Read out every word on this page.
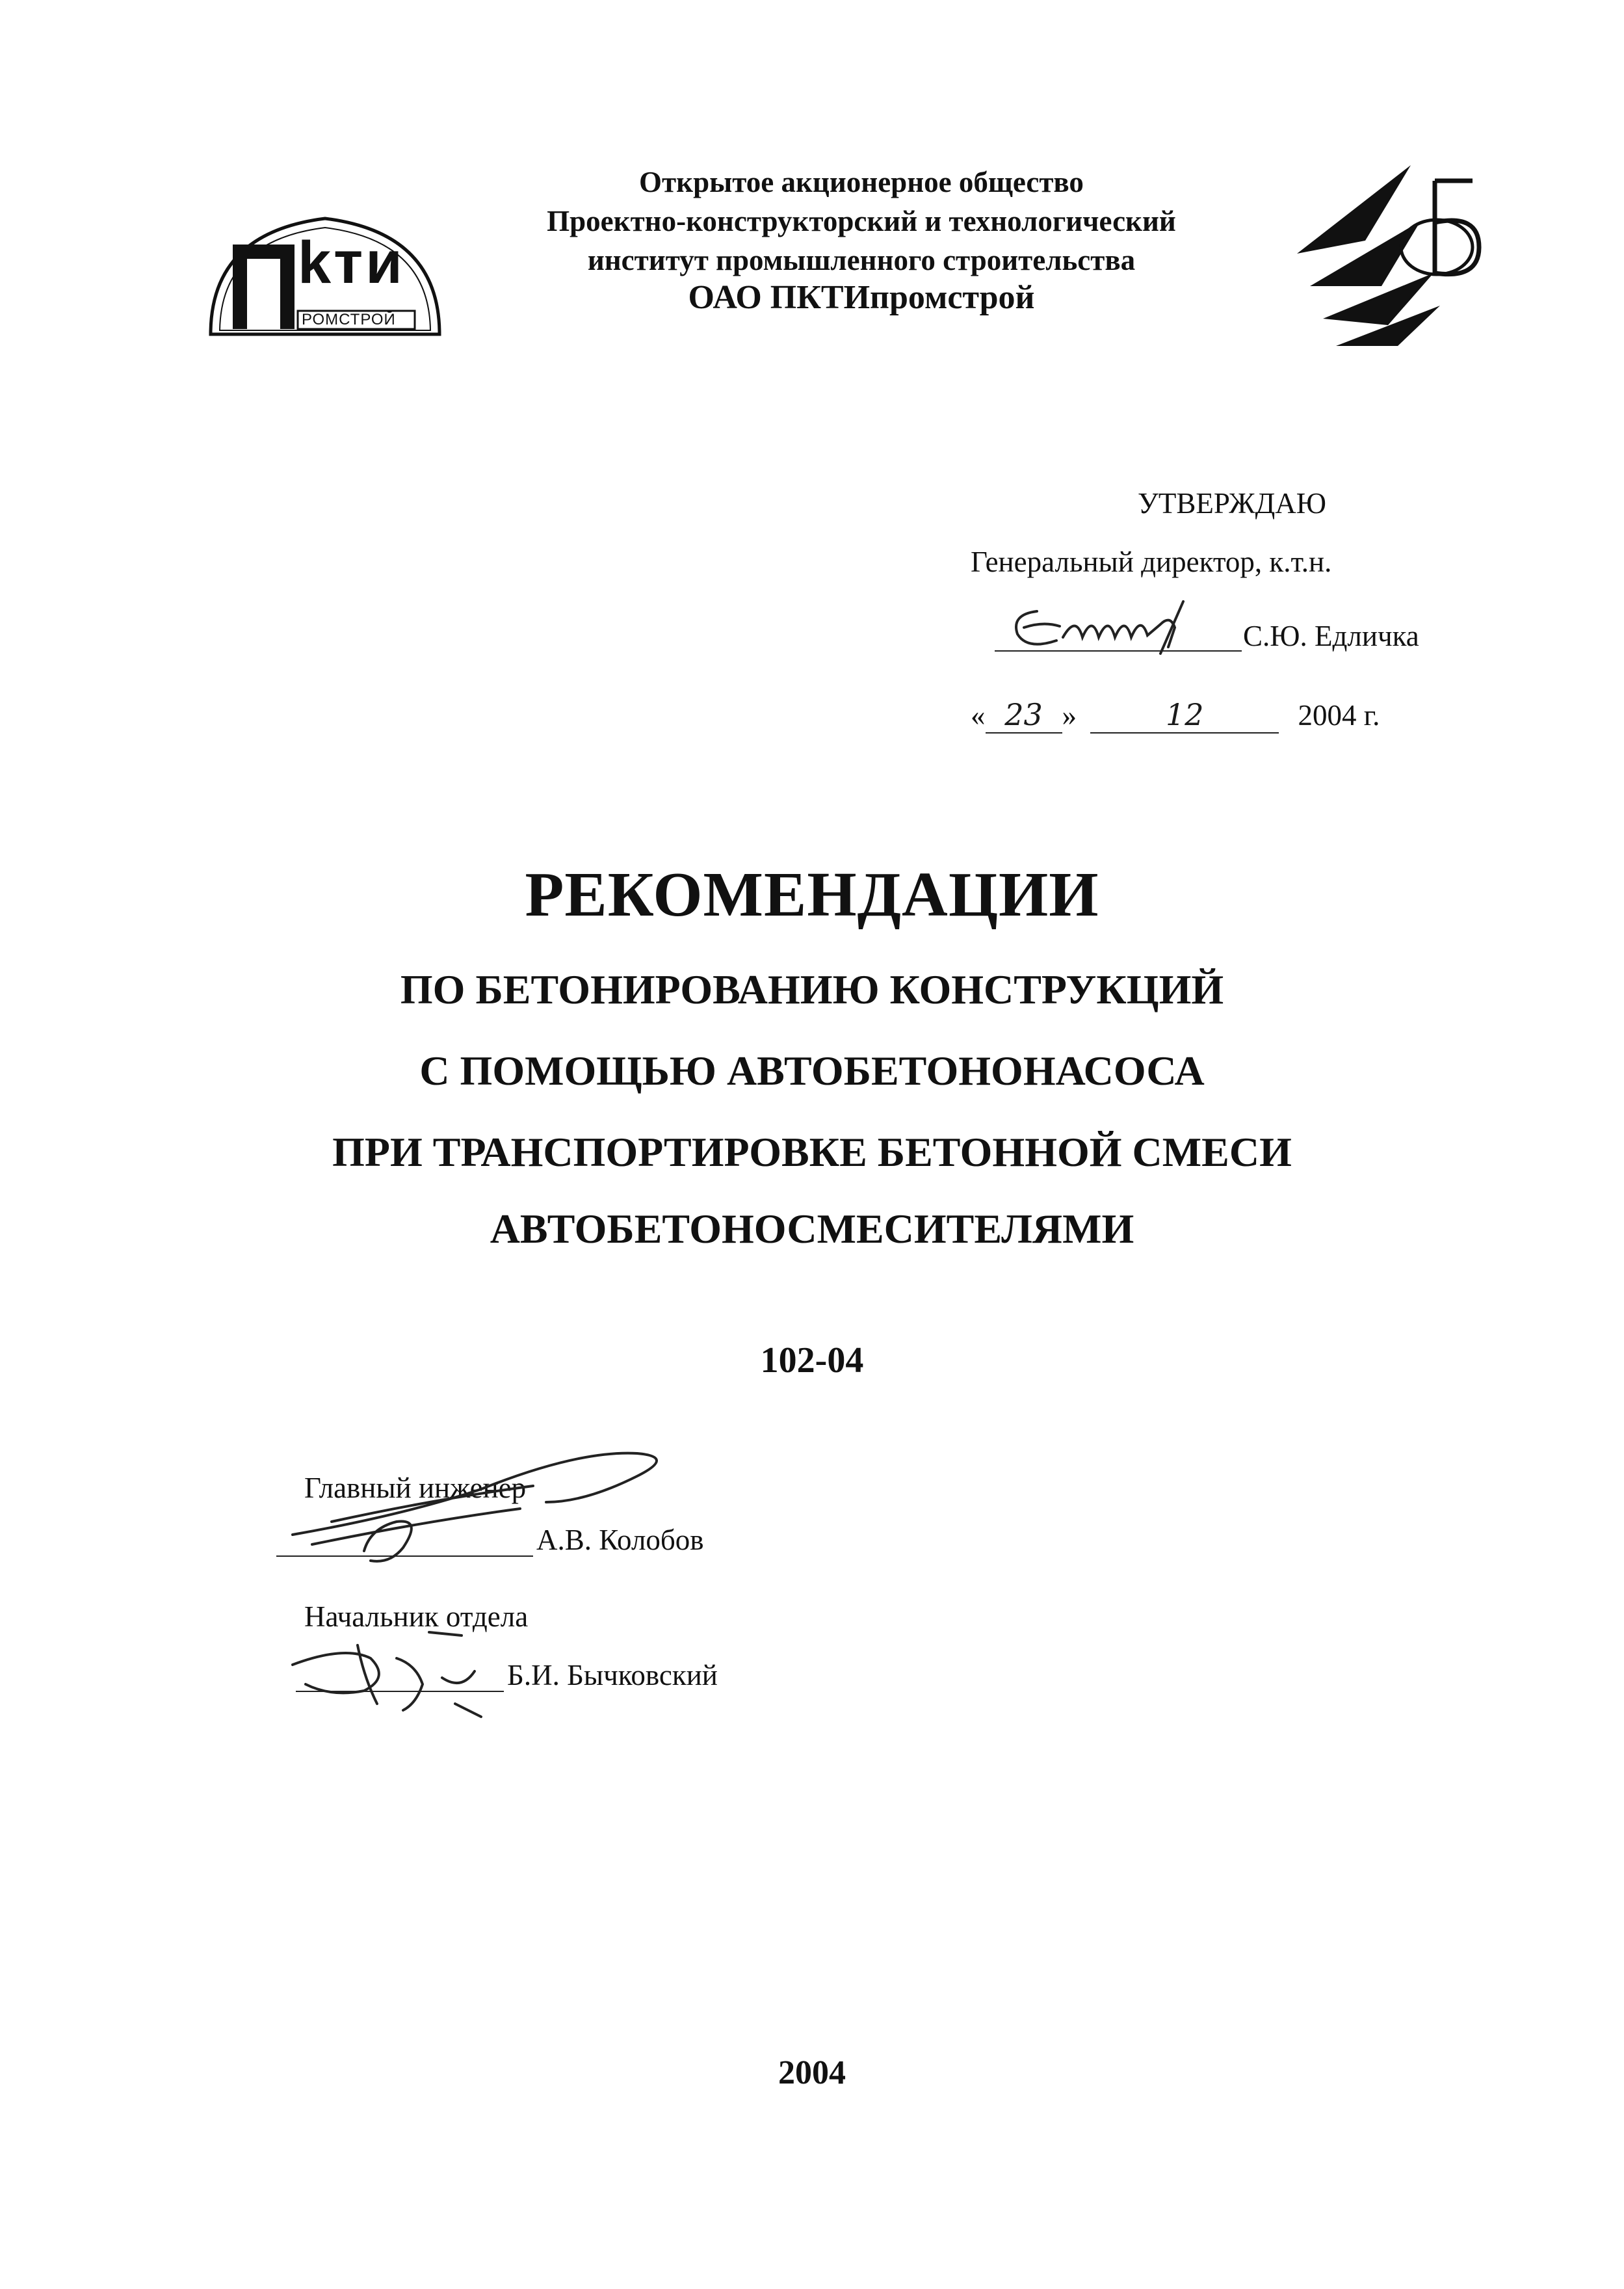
kти
РОМСТРОЙ
Открытое акционерное общество
Проектно-конструкторский и технологический
институт промышленного строительства
ОАО ПКТИпромстрой
УТВЕРЖДАЮ
Генеральный директор, к.т.н.
С.Ю. Едличка
« 23 »	12	2004 г.
РЕКОМЕНДАЦИИ
ПО БЕТОНИРОВАНИЮ КОНСТРУКЦИЙ
С ПОМОЩЬЮ АВТОБЕТОНОНАСОСА
ПРИ ТРАНСПОРТИРОВКЕ БЕТОННОЙ СМЕСИ
АВТОБЕТОНОСМЕСИТЕЛЯМИ
102-04
Главный инженер
А.В. Колобов
Начальник отдела
Б.И. Бычковский
2004
